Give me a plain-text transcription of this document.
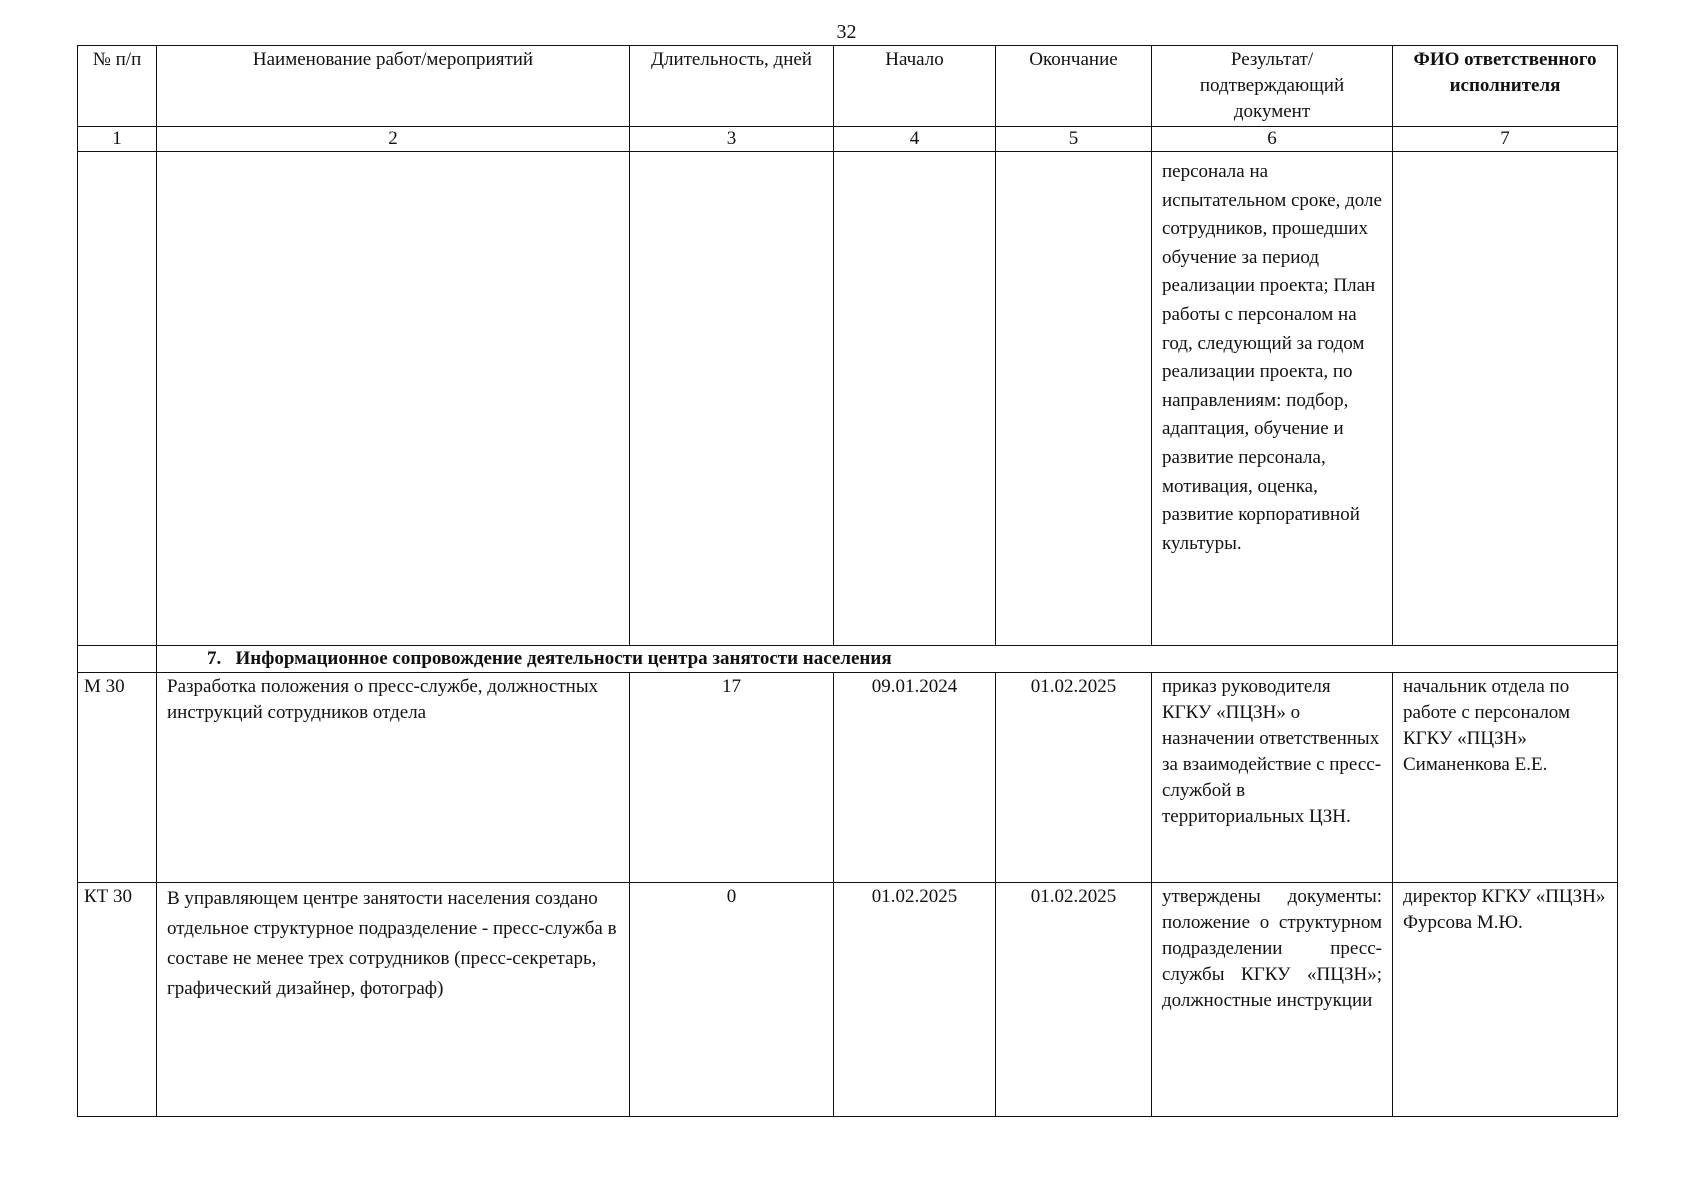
32
№ п/п	Наименование работ/мероприятий	Длительность, дней	Начало	Окончание	Результат/ подтверждающий документ	ФИО ответственного исполнителя
1	2	3	4	5	6	7
					персонала на испытательном сроке, доле сотрудников, прошедших обучение за период реализации проекта; План работы с персоналом на год, следующий за годом реализации проекта, по направлениям: подбор, адаптация, обучение и развитие персонала, мотивация, оценка, развитие корпоративной культуры.	
	7. Информационное сопровождение деятельности центра занятости населения					
М 30	Разработка положения о пресс-службе, должностных инструкций сотрудников отдела	17	09.01.2024	01.02.2025	приказ руководителя КГКУ «ПЦЗН» о назначении ответственных за взаимодействие с пресс-службой в территориальных ЦЗН.	начальник отдела по работе с персоналом КГКУ «ПЦЗН» Симаненкова Е.Е.
КТ 30	В управляющем центре занятости населения создано отдельное структурное подразделение - пресс-служба в составе не менее трех сотрудников (пресс-секретарь, графический дизайнер, фотограф)	0	01.02.2025	01.02.2025	утверждены документы: положение о структурном подразделении пресс-службы КГКУ «ПЦЗН»; должностные инструкции	директор КГКУ «ПЦЗН» Фурсова М.Ю.
